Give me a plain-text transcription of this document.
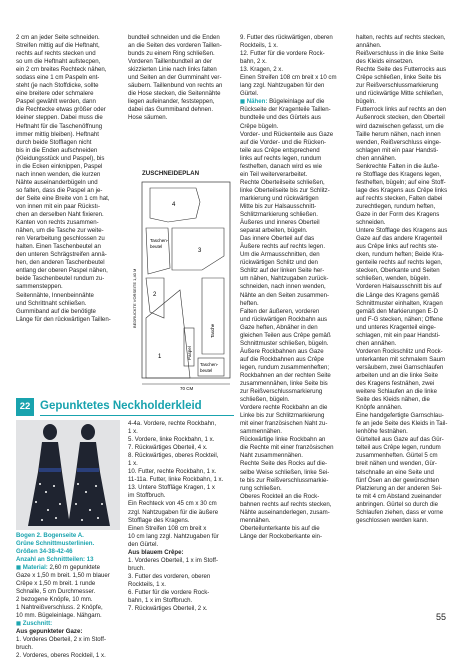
2 cm an jeder Seite schneiden.

Streifen mittig auf die Heftnaht,

rechts auf rechts stecken und

so um die Heftnaht aufstecpen,

ein 2 cm breites Rechteck nähen,

sodass eine 1 cm Paspeln ent-

steht (je nach Stoffdicke, sollte

eine breitere oder schmalere

Paspel gewählt werden, dann

die Rechtecke etwas größer oder

kleiner steppen. Dabei muss die

Heftnaht für die Taschenöffnung

immer mittig bleiben). Heftnaht

durch beide Stofflagen nicht

bis in die Enden aufschneiden

(Kleidungsstück und Paspel), bis

in die Ecken einknippen, Paspel

nach innen wenden, die kurzen

Nähte auseinanderbügeln und

so falten, dass die Paspel an je-

der Seite eine Breite von 1 cm hat,

von innen mit ein paar Rückstı-

chen an derselben Naht fixieren.

Kanten von rechts zusammen-

nähen, um die Tasche zur weite-

ren Verarbeitung geschlossen zu

halten. Einen Taschenbeutel an

den unteren Schrägstreifen annä-

hen, den anderen Taschenbeutel

entlang der oberen Paspel nähen,

beide Taschenbeutel rundum zu-

sammensteppen.

Seitennähte, Innenbeinnähte

und Schrittnaht schließen.

Gummiband auf die benötigte

Länge für den rückwärtigen Taillen-

bundteil schneiden und die Enden

an die Seiten des vorderen Taillen-

bunds zu einem Ring schließen.

Vorderen Taillenbundteil an der

skizzierten Linie nach links falten

und Seiten an der Gumminaht ver-

säubern. Taillenbund von rechts an

die Hose stecken, die Seitennähte

liegen aufeinander, feststeppen,

dabei das Gummiband dehnen.

Hose säumen.

9. Futter des rückwärtigen, oberen

Rockteils, 1 x.

12. Futter für die vordere Rock-

bahn, 2 x.

13. Kragen, 2 x.

Einen Streifen 108 cm breit x 10 cm

lang zzgl. Nahtzugaben für den

Gürtel.

◼ Nähen: Bügeleinlage auf die

Rückseite der Kragenteile Taillen-

bundteile und des Gürtels aus

Crêpe bügeln.

Vorder- und Rückenteile aus Gaze

auf die Vorder- und die Rücken-

teile aus Crêpe entsprechend

links auf rechts legen, rundum

festheften, danach wird es wie

ein Teil weiterverarbeitet.

Rechte Oberteilseite schließen,

linke Oberteilseite bis zur Schlitz-

markierung und rückwärtigen

Mitte bis zur Halsausschnitt-

Schlitzmarkierung schließen.

Äußeres und inneres Oberteil

separat arbeiten, bügeln.

Das innere Oberteil auf das

Äußere rechts auf rechts legen.

Um die Armausschnitten, den

rückwärtigen Schlitz und den

Schlitz auf der linken Seite her-

um nähen, Nahtzugaben zurück-

schneiden, nach innen wenden,

Nähte an den Seiten zusammen-

heften.

Falten der äußeren, vorderen

und rückwärtigen Rockbahn aus

Gaze heften, Abnäher in den

gleichen Teilen aus Crêpe gemäß

Schnittmuster schließen, bügeln.

Äußere Rockbahnen aus Gaze

auf die Rockbahnen aus Crêpe

legen, rundum zusammenheften;

Rockbahnen an der rechten Seite

zusammennähen, linke Seite bis

zur Reißverschlussmarkierung

schließen, bügeln.

Vordere rechte Rockbahn an die

Linke bis zur Schlitzmarkierung

mit einer französischen Naht zu-

sammennähen.

Rückwärtige linke Rockbahn an

die Rechte mit einer französischen

Naht zusammennähen.

Rechte Seite des Rocks auf die-

selbe Weise schließen, linke Sei-

te bis zur Reißverschlussmarkie-

rung schließen.

Oberes Rockteil an die Rock-

bahnen rechts auf rechts stecken,

Nähte auseinanderlegen, zusam-

mennähen.

Oberteilunterkante bis auf die

Länge der Rockoberkante ein-

halten, rechts auf rechts stecken,

annähen.

Reißverschluss in die linke Seite

des Kleids einsetzen.

Rechte Seite des Futterrocks aus

Crêpe schließen, linke Seite bis

zur Reißverschlussmarkierung

und rückwärtige Mitte schließen,

bügeln.

Futterrock links auf rechts an den

Außenrock stecken, den Oberteil

wird dazwischen gefasst, um die

Taille herum nähen, nach innen

wenden, Reißverschluss einge-

schlagen mit ein paar Handsti-

chen annähen.

Senkrechte Falten in die äuße-

re Stofflage des Kragens legen,

festheften, bügeln; auf eine Stoff-

lage des Kragens aus Crêpe links

auf rechts stecken, Falten dabei

zurechtlegen, rundum heften,

Gaze in der Form des Kragens

schneiden.

Untere Stofflage des Kragens aus

Gaze auf das andere Kragenteil

aus Crêpe links auf rechts ste-

cken, rundum heften; Beide Kra-

genteile rechts auf rechts legen,

stecken, Oberkante und Seiten

schließen, wenden, bügeln.

Vorderen Halsausschnitt bis auf

die Länge des Kragens gemäß

Schnittmuster einhalten, Kragen

gemäß den Markierungen E-D

und F-G stecken, nähen; Offene

und unteres Kragenteil einge-

schlagen, mit ein paar Handsti-

chen annähen.

Vorderen Rockschlitz und Rock-

unterkanten mit schmalem Saum

versäubern, zwei Garnschlaufen

arbeiten und an die linke Seite

des Kragens festnähen, zwei

weitere Schlaufen an die linke

Seite des Kleids nähen, die

Knöpfe annähen.

Eine handgefertigte Garnschlau-

fe an jede Seite des Kleids in Tail-

lenhöhe festnähen.

Gürtelteil aus Gaze auf das Gür-

telteil aus Crêpe legen, rundum

zusammenheften. Gürtel 5 cm

breit nähen und wenden, Gür-

telschnalle an eine Seite und

fünf Ösen an der gewünschten

Platzierung an der anderen Sei-

te mit 4 cm Abstand zueinander

anbringen. Gürtel so durch die

Schlaufen ziehen, dass er vorne

geschlossen werden kann.

ZUSCHNEIDEPLAN
4
Taschen-
beutel
2
3
1	Paspel
Tasche
Taschen-
beutel
BEDRUCKTE VORSEITE 1,40 M
70 CM
22 Gepunktetes Neckholderkleid
Bogen 2. Bogenseite A.
Grüne Schnittmusterlinien.
Größen 34-38-42-46
Anzahl an Schnittteilen: 13
◼ Material: 2,60 m gepunktete
Gaze x 1,50 m breit. 1,50 m blauer
Crêpe x 1,50 m breit. 1 runde
Schnalle, 5 cm Durchmesser.
2 bezogene Knöpfe, 10 mm.
1 Nahtreißverschluss. 2 Knöpfe,
10 mm. Bügeleinlage. Nähgarn.
◼ Zuschnitt:
Aus gepunkteter Gaze:
1. Vorderes Oberteil, 2 x im Stoff-
bruch.
2. Vorderes, oberes Rockteil, 1 x.

4-4a. Vordere, rechte Rockbahn,

1 x.

5. Vordere, linke Rockbahn, 1 x.

7. Rückwärtiges Oberteil, 4 x.

8. Rückwärtiges, oberes Rockteil,

1 x.

10. Futter, rechte Rockbahn, 1 x.

11-11a. Futter, linke Rockbahn, 1 x.

13. Untere Stoffläge Kragen, 1 x

im Stoffbruch.

Ein Rechteck von 45 cm x 30 cm

zzgl. Nahtzugaben für die äußere

Stofflage des Kragens.

Einen Streifen 108 cm breit x

10 cm lang zzgl. Nahtzugaben für

den Gürtel.

Aus blauem Crêpe:

1. Vorderes Oberteil, 1 x im Stoff-

bruch.

3. Futter des vorderen, oberen

Rockteils, 1 x.

6. Futter für die vordere Rock-

bahn, 1 x im Stoffbruch.

7. Rückwärtiges Oberteil, 2 x.

55
